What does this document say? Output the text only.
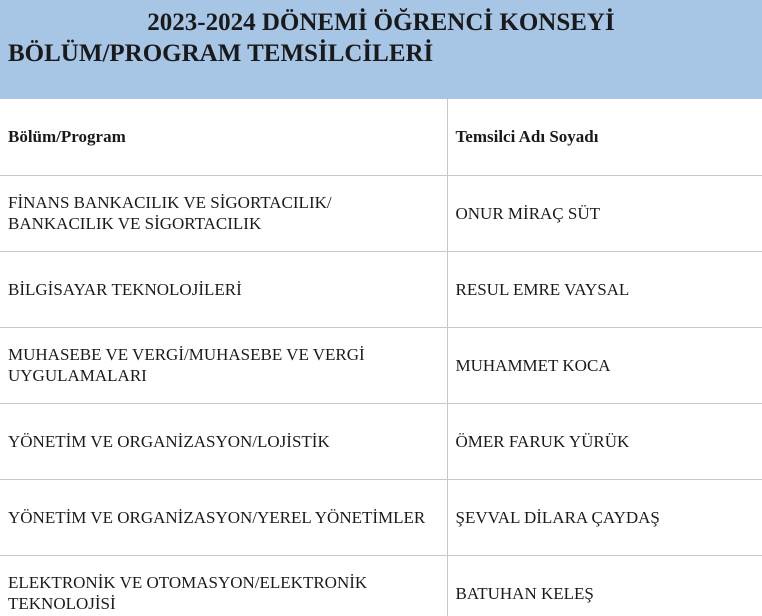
2023-2024 DÖNEMİ ÖĞRENCİ KONSEYİ
BÖLÜM/PROGRAM TEMSİLCİLERİ
Bölüm/Program	Temsilci Adı Soyadı
FİNANS BANKACILIK VE SİGORTACILIK/ BANKACILIK VE SİGORTACILIK	ONUR MİRAÇ SÜT
BİLGİSAYAR TEKNOLOJİLERİ	RESUL EMRE VAYSAL
MUHASEBE VE VERGİ/MUHASEBE VE VERGİ UYGULAMALARI	MUHAMMET KOCA
YÖNETİM VE ORGANİZASYON/LOJİSTİK	ÖMER FARUK YÜRÜK
YÖNETİM VE ORGANİZASYON/YEREL YÖNETİMLER	ŞEVVAL DİLARA ÇAYDAŞ
ELEKTRONİK VE OTOMASYON/ELEKTRONİK TEKNOLOJİSİ	BATUHAN KELEŞ
